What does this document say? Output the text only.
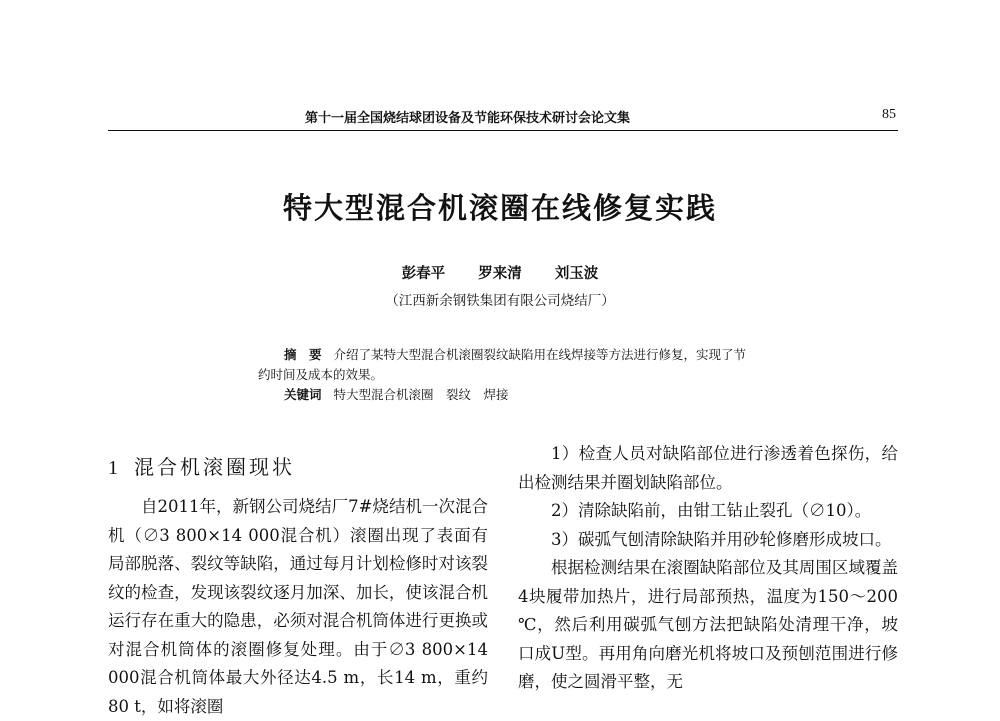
第十一届全国烧结球团设备及节能环保技术研讨会论文集	85
特大型混合机滚圈在线修复实践
彭春平 罗来清 刘玉波
（江西新余钢铁集团有限公司烧结厂）
摘　要 介绍了某特大型混合机滚圈裂纹缺陷用在线焊接等方法进行修复，实现了节约时间及成本的效果。
关键词 特大型混合机滚圈　裂纹　焊接
1 混合机滚圈现状

自2011年，新钢公司烧结厂7#烧结机一次混合机（∅3 800×14 000混合机）滚圈出现了表面有局部脱落、裂纹等缺陷，通过每月计划检修时对该裂纹的检查，发现该裂纹逐月加深、加长，使该混合机运行存在重大的隐患，必须对混合机筒体进行更换或对混合机筒体的滚圈修复处理。由于∅3 800×14 000混合机筒体最大外径达4.5 m，长14 m，重约80 t，如将滚圈

1）检查人员对缺陷部位进行渗透着色探伤，给出检测结果并圈划缺陷部位。

2）清除缺陷前，由钳工钻止裂孔（∅10）。

3）碳弧气刨清除缺陷并用砂轮修磨形成坡口。

根据检测结果在滚圈缺陷部位及其周围区域覆盖4块履带加热片，进行局部预热，温度为150～200 ℃，然后利用碳弧气刨方法把缺陷处清理干净，坡口成U型。再用角向磨光机将坡口及预刨范围进行修磨，使之圆滑平整，无
